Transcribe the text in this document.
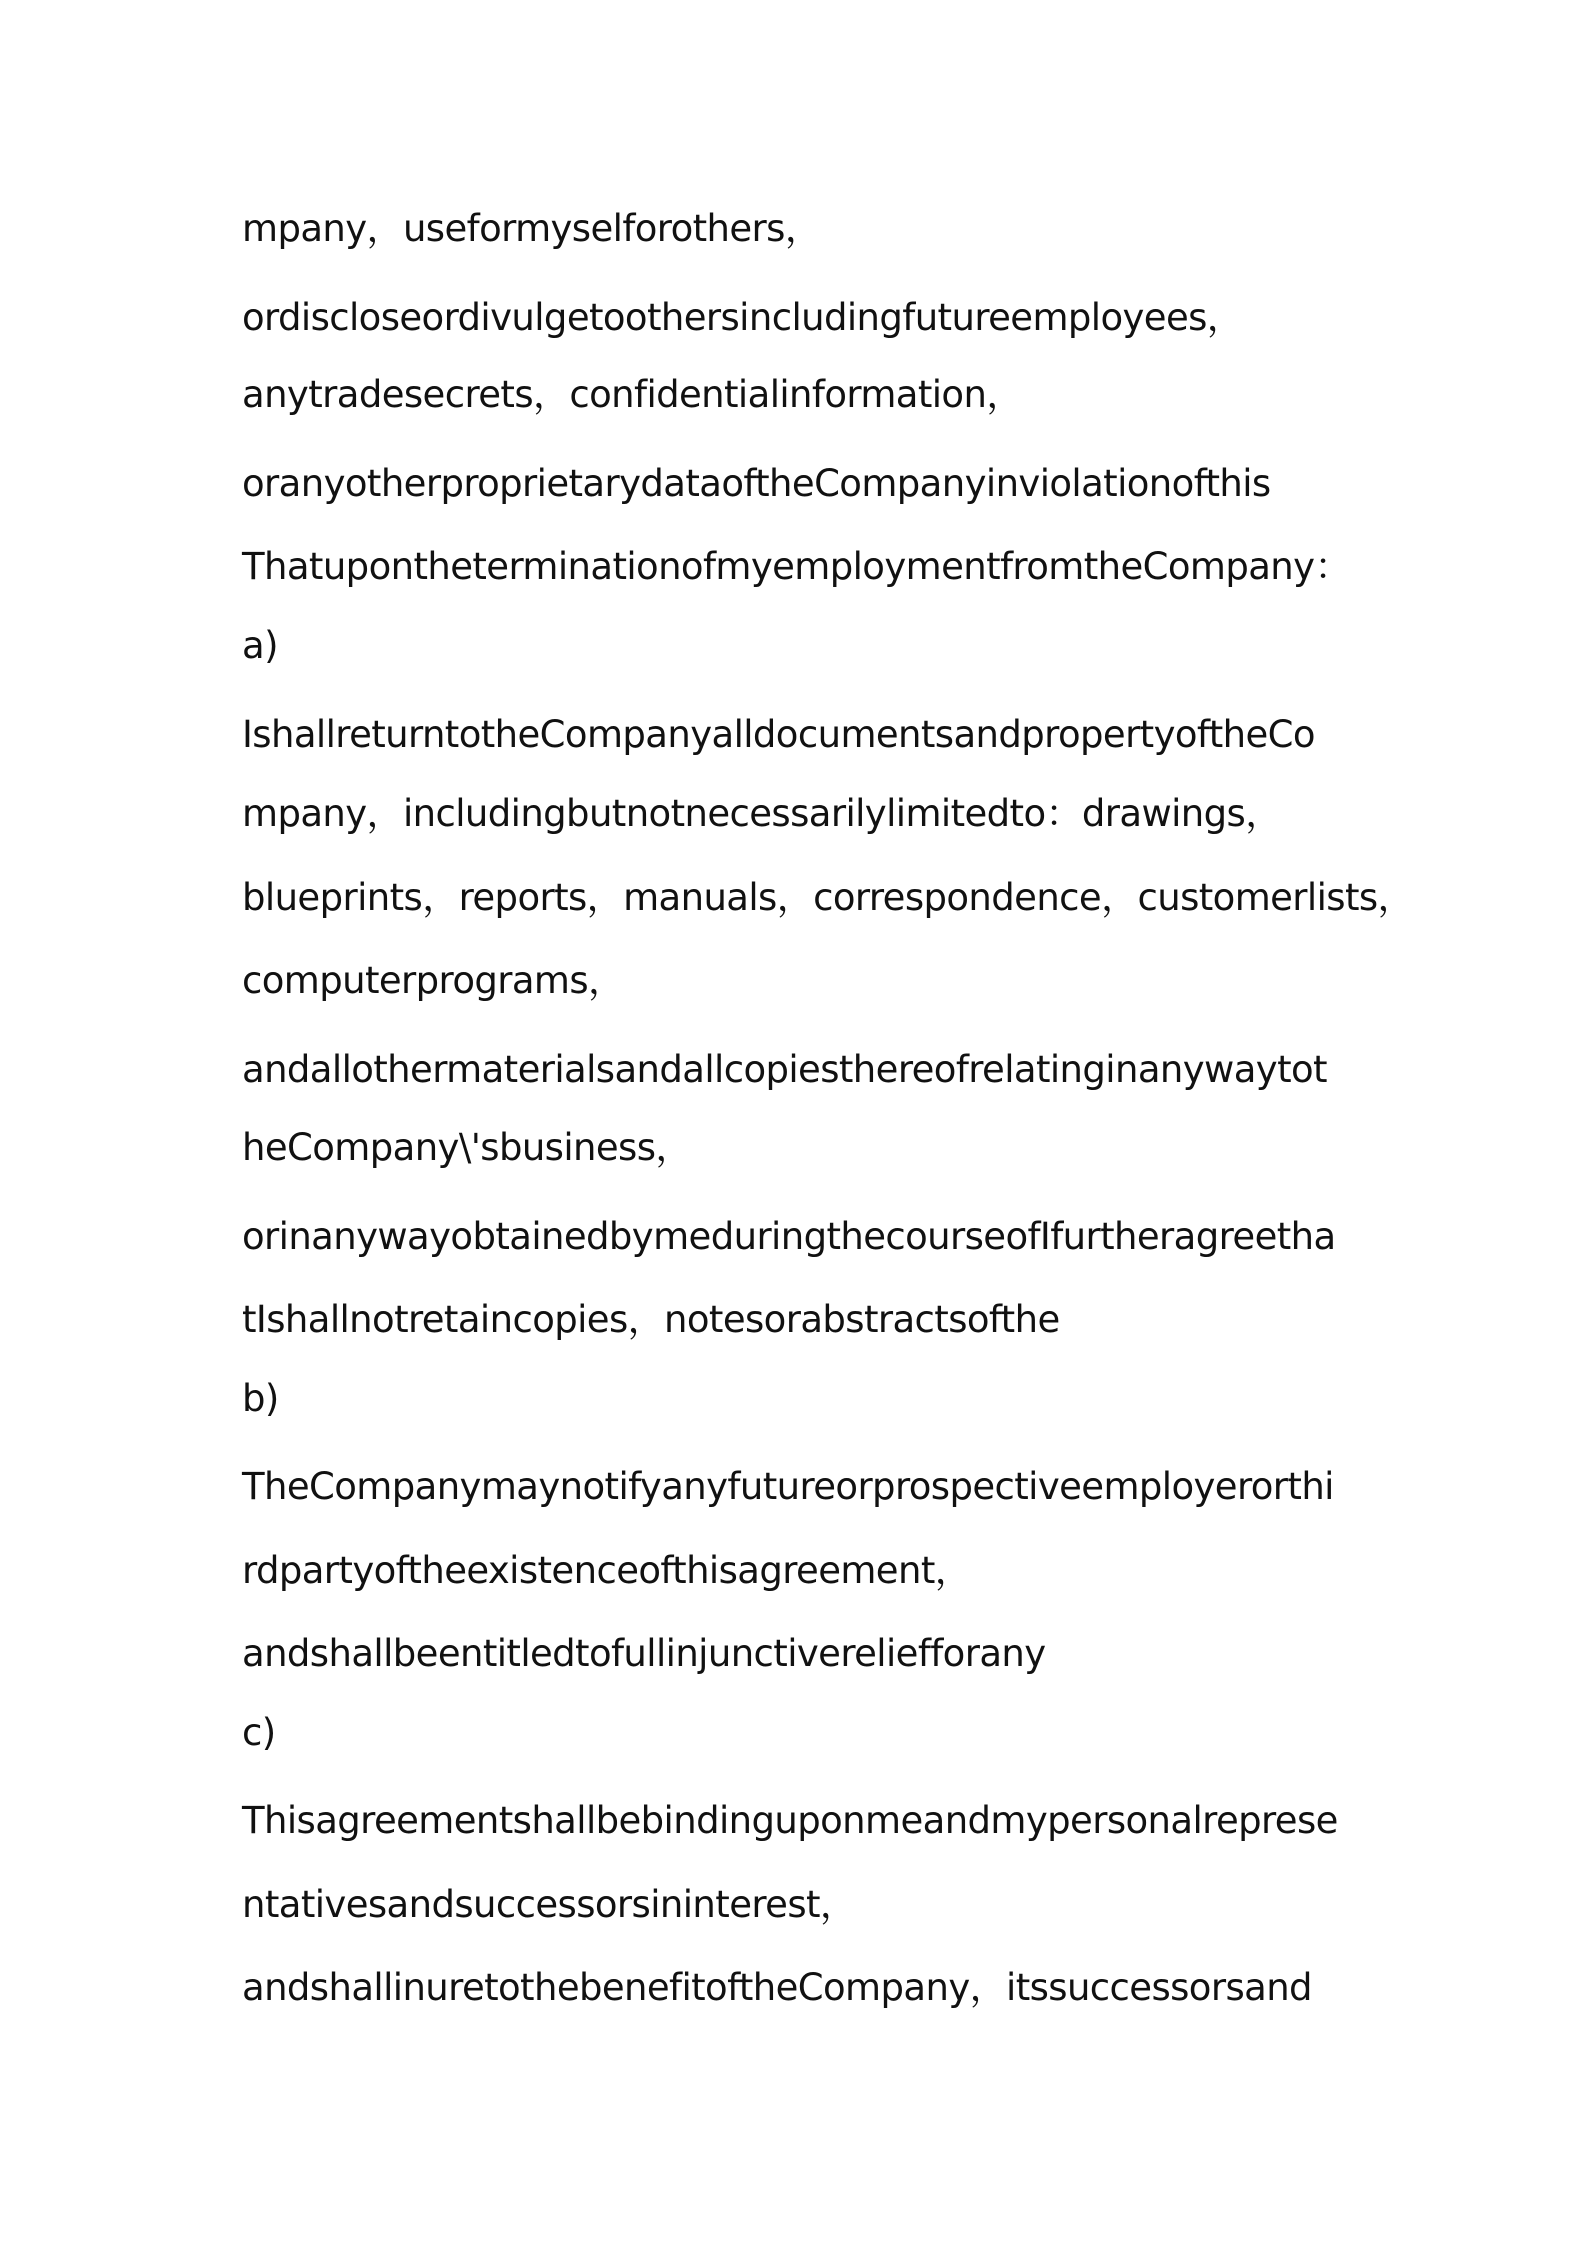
mpany，useformyselforothers，
ordiscloseordivulgetoothersincludingfutureemployees，
anytradesecrets，confidentialinformation，
oranyotherproprietarydataoftheCompanyinviolationofthis
ThatupontheterminationofmyemploymentfromtheCompany：
a)
IshallreturntotheCompanyalldocumentsandpropertyoftheCo
mpany，includingbutnotnecessarilylimitedto：drawings，
blueprints，reports，manuals，correspondence，customerlists，
computerprograms，
andallothermaterialsandallcopiesthereofrelatinginanywaytot
heCompany\'sbusiness，
orinanywayobtainedbymeduringthecourseofIfurtheragreetha
tIshallnotretaincopies，notesorabstractsofthe
b)
TheCompanymaynotifyanyfutureorprospectiveemployerorthi
rdpartyoftheexistenceofthisagreement，
andshallbeentitledtofullinjunctivereliefforany
c)
Thisagreementshallbebindinguponmeandmypersonalreprese
ntativesandsuccessorsininterest，
andshallinuretothebenefitoftheCompany，itssuccessorsand
